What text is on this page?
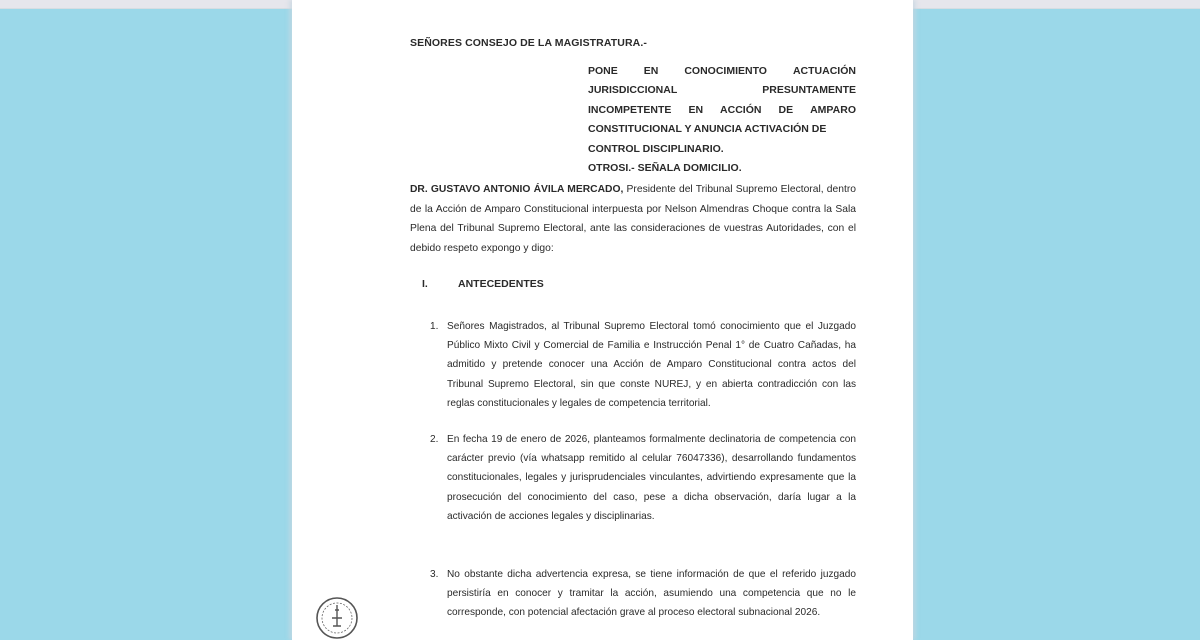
SEÑORES CONSEJO DE LA MAGISTRATURA.-
PONE EN CONOCIMIENTO ACTUACIÓN
JURISDICCIONAL	PRESUNTAMENTE
INCOMPETENTE EN ACCIÓN DE AMPARO
CONSTITUCIONAL Y ANUNCIA ACTIVACIÓN DE
CONTROL DISCIPLINARIO.
OTROSI.- SEÑALA DOMICILIO.
DR. GUSTAVO ANTONIO ÁVILA MERCADO, Presidente del Tribunal Supremo Electoral, dentro de la Acción de Amparo Constitucional interpuesta por Nelson Almendras Choque contra la Sala Plena del Tribunal Supremo Electoral, ante las consideraciones de vuestras Autoridades, con el debido respeto expongo y digo:
I.	ANTECEDENTES
1. Señores Magistrados, al Tribunal Supremo Electoral tomó conocimiento que el Juzgado Público Mixto Civil y Comercial de Familia e Instrucción Penal 1° de Cuatro Cañadas, ha admitido y pretende conocer una Acción de Amparo Constitucional contra actos del Tribunal Supremo Electoral, sin que conste NUREJ, y en abierta contradicción con las reglas constitucionales y legales de competencia territorial.
2. En fecha 19 de enero de 2026, planteamos formalmente declinatoria de competencia con carácter previo (vía whatsapp remitido al celular 76047336), desarrollando fundamentos constitucionales, legales y jurisprudenciales vinculantes, advirtiendo expresamente que la prosecución del conocimiento del caso, pese a dicha observación, daría lugar a la activación de acciones legales y disciplinarias.
3. No obstante dicha advertencia expresa, se tiene información de que el referido juzgado persistiría en conocer y tramitar la acción, asumiendo una competencia que no le corresponde, con potencial afectación grave al proceso electoral subnacional 2026.
